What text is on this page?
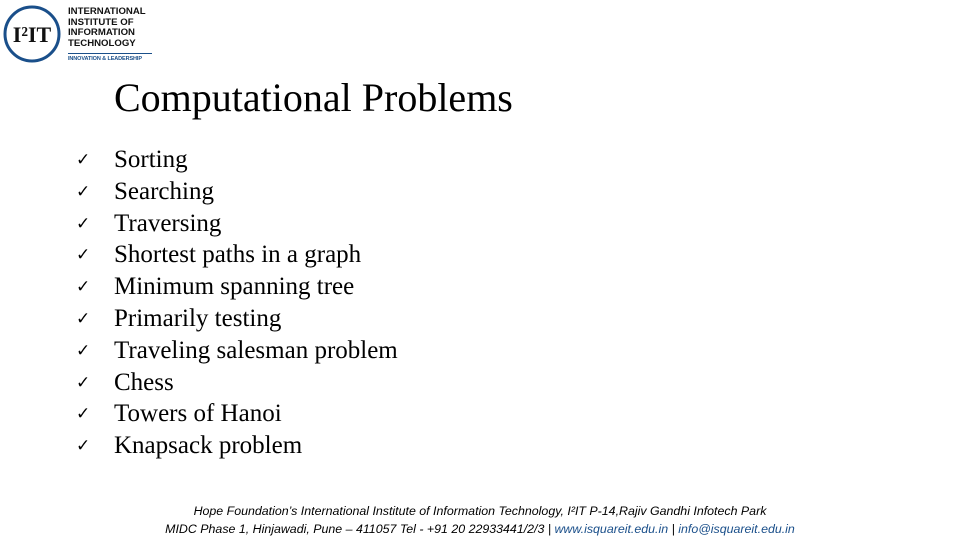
I²IT
INTERNATIONAL
INSTITUTE OF
INFORMATION
TECHNOLOGY
INNOVATION & LEADERSHIP
Computational Problems
✓ Sorting
✓ Searching
✓ Traversing
✓ Shortest paths in a graph
✓ Minimum spanning tree
✓ Primarily testing
✓ Traveling salesman problem
✓ Chess
✓ Towers of Hanoi
✓ Knapsack problem
Hope Foundation’s International Institute of Information Technology, I²IT P-14,Rajiv Gandhi Infotech Park
MIDC Phase 1, Hinjawadi, Pune – 411057 Tel - +91 20 22933441/2/3 | www.isquareit.edu.in | info@isquareit.edu.in
